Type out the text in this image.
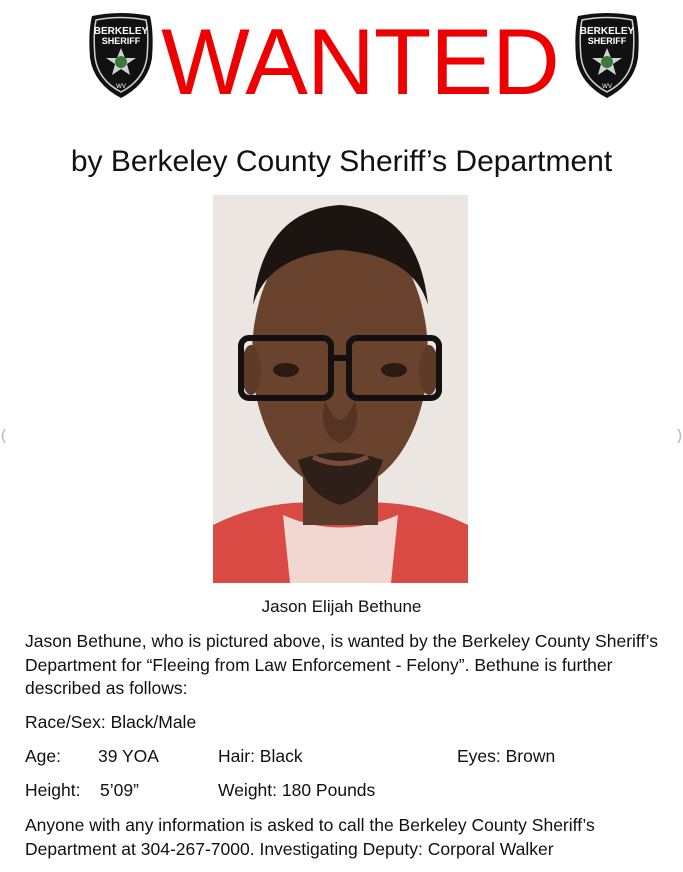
BERKELEY
SHERIFF
WV WANTED	BERKELEY
SHERIFF
WV
by Berkeley County Sheriff’s Department
Jason Elijah Bethune
Jason Bethune, who is pictured above, is wanted by the Berkeley County Sheriff’s Department for “Fleeing from Law Enforcement - Felony”. Bethune is further described as follows:
Race/Sex: Black/Male
Age: 39 YOA	Hair: Black	Eyes: Brown
Height: 5’09”	Weight: 180 Pounds
Anyone with any information is asked to call the Berkeley County Sheriff’s Department at 304-267-7000. Investigating Deputy: Corporal Walker
